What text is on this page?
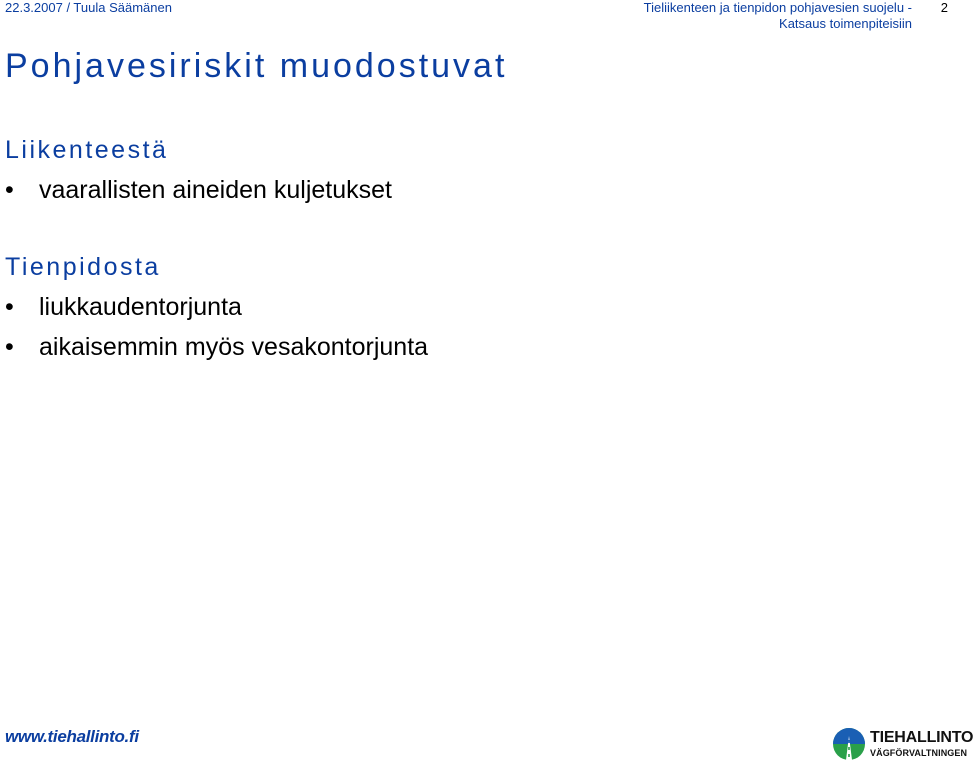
22.3.2007 / Tuula Säämänen	Tieliikenteen ja tienpidon pohjavesien suojelu -
Katsaus toimenpiteisiin
2
Pohjavesiriskit muodostuvat
Liikenteestä
• vaarallisten aineiden kuljetukset
Tienpidosta
• liukkaudentorjunta
• aikaisemmin myös vesakontorjunta
www.tiehallinto.fi	TIEHALLINTO
VÄGFÖRVALTNINGEN
